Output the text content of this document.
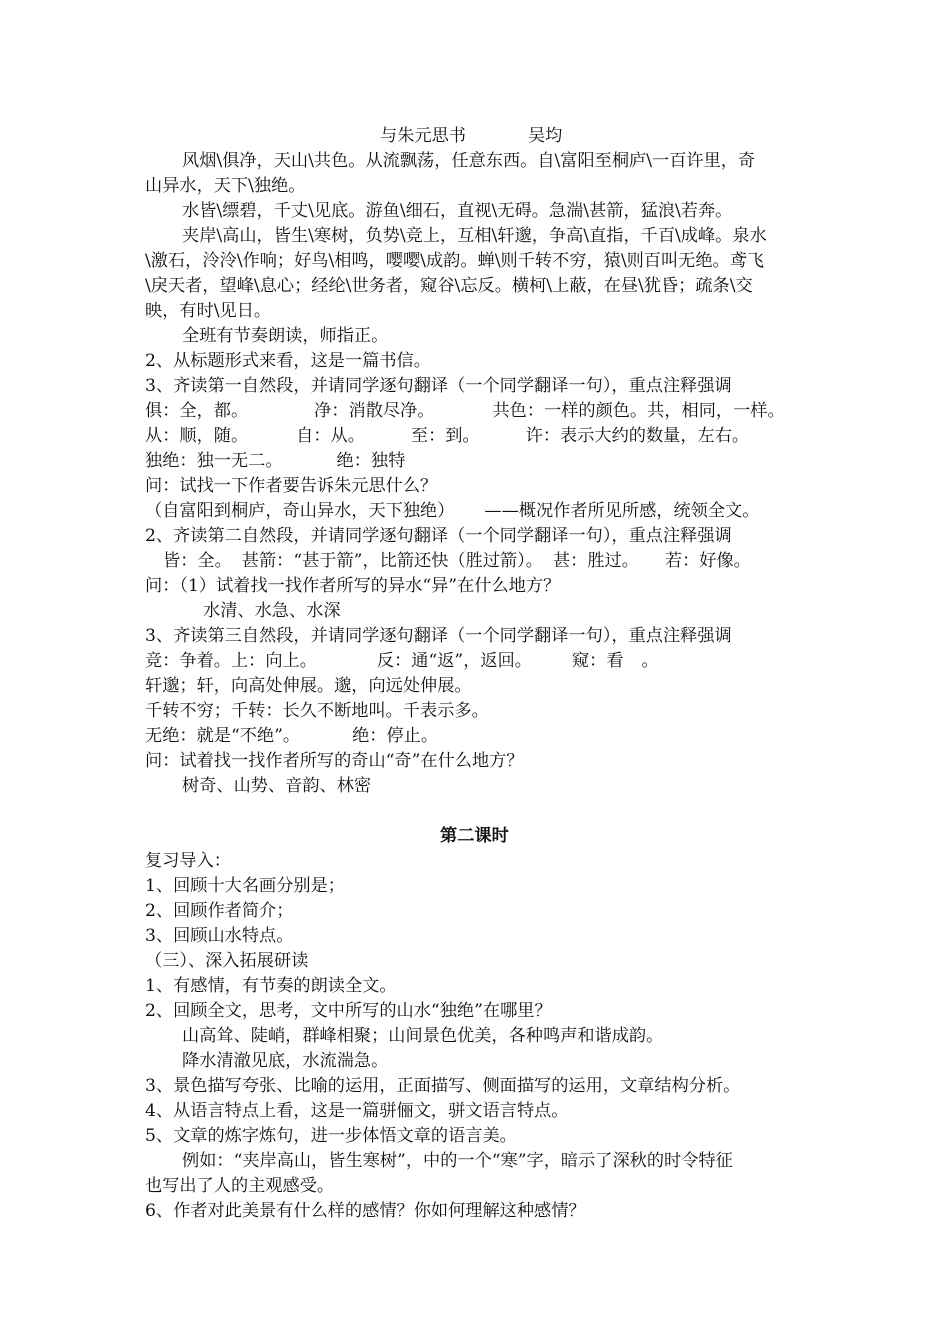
与朱元思书	吴均
风烟\俱净，天山\共色。从流飘荡，任意东西。自\富阳至桐庐\一百许里，奇
山异水，天下\独绝。
水皆\缥碧，千丈\见底。游鱼\细石，直视\无碍。急湍\甚箭，猛浪\若奔。
夹岸\高山，皆生\寒树，负势\竞上，互相\轩邈，争高\直指，千百\成峰。泉水
\激石，泠泠\作响；好鸟\相鸣，嘤嘤\成韵。蝉\则千转不穷，猿\则百叫无绝。鸢飞
\戾天者，望峰\息心；经纶\世务者，窥谷\忘反。横柯\上蔽，在昼\犹昏；疏条\交
映，有时\见日。
全班有节奏朗读，师指正。
2、从标题形式来看，这是一篇书信。
3、齐读第一自然段，并请同学逐句翻译（一个同学翻译一句），重点注释强调
俱：全，都。	净：消散尽净。	共色：一样的颜色。共，相同，一样。
从：顺，随。	自：从。	至：到。	许：表示大约的数量，左右。
独绝：独一无二。	绝：独特
问：试找一下作者要告诉朱元思什么？
（自富阳到桐庐，奇山异水，天下独绝） ——概况作者所见所感，统领全文。
2、齐读第二自然段，并请同学逐句翻译（一个同学翻译一句），重点注释强调
皆：全。 甚箭：“甚于箭”，比箭还快（胜过箭）。 甚：胜过。 若：好像。
问：（1）试着找一找作者所写的异水“异”在什么地方？
水清、水急、水深
3、齐读第三自然段，并请同学逐句翻译（一个同学翻译一句），重点注释强调
竞：争着。上：向上。	反：通“返”，返回。 窥：看 。
轩邈；轩，向高处伸展。邈，向远处伸展。
千转不穷；千转：长久不断地叫。千表示多。
无绝：就是“不绝”。	绝：停止。
问：试着找一找作者所写的奇山“奇”在什么地方？
树奇、山势、音韵、林密
第二课时
复习导入：
1、回顾十大名画分别是；
2、回顾作者简介；
3、回顾山水特点。
（三）、深入拓展研读
1、有感情，有节奏的朗读全文。
2、回顾全文，思考，文中所写的山水“独绝”在哪里？
山高耸、陡峭，群峰相聚；山间景色优美，各种鸣声和谐成韵。
降水清澈见底，水流湍急。
3、景色描写夸张、比喻的运用，正面描写、侧面描写的运用，文章结构分析。
4、从语言特点上看，这是一篇骈俪文，骈文语言特点。
5、文章的炼字炼句，进一步体悟文章的语言美。
例如：“夹岸高山，皆生寒树”，中的一个“寒”字，暗示了深秋的时令特征
也写出了人的主观感受。
6、作者对此美景有什么样的感情？你如何理解这种感情？
